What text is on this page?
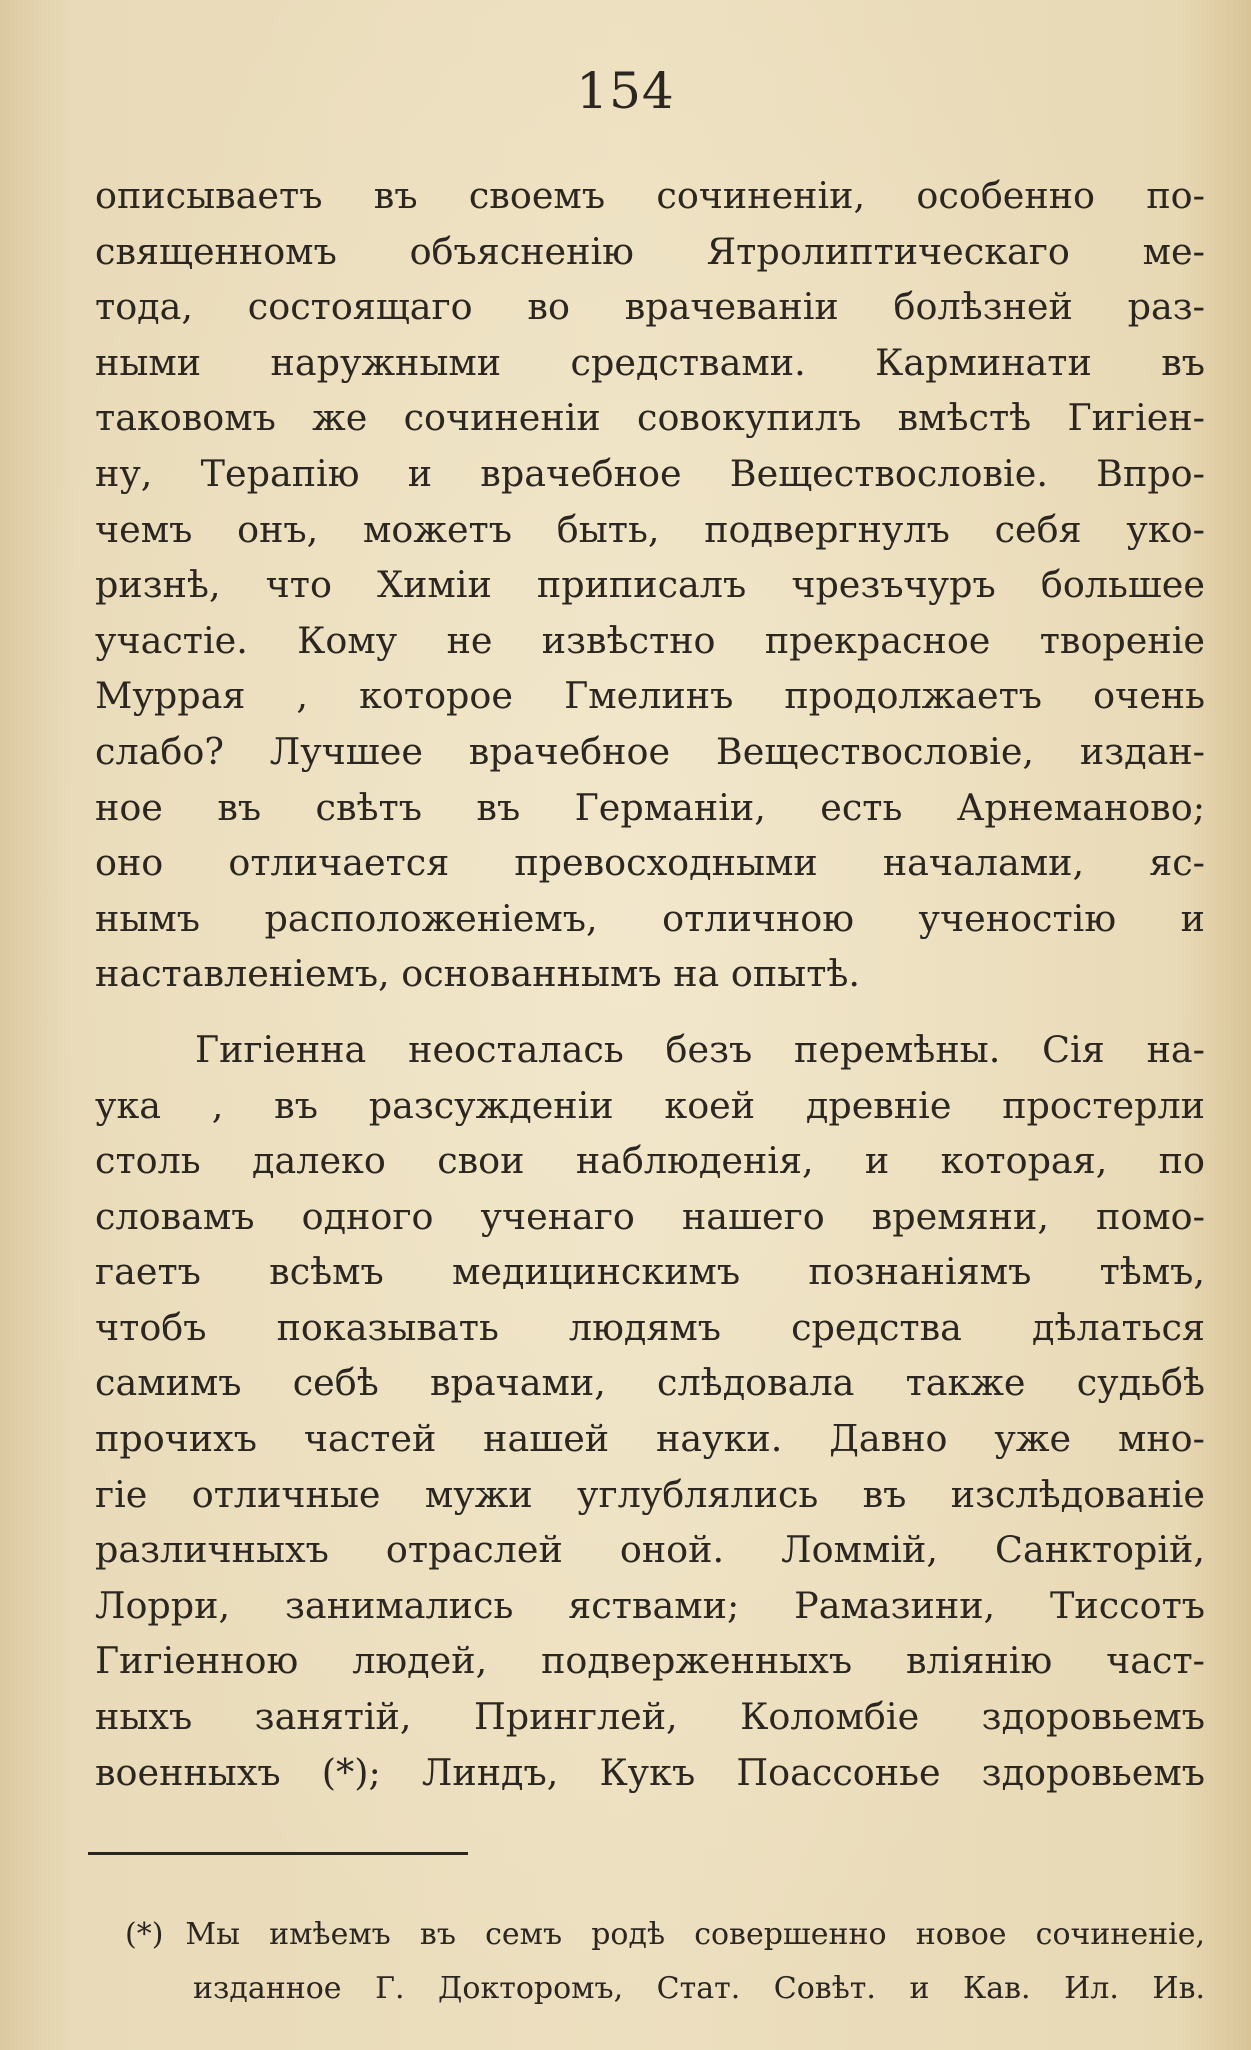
154
описываетъ въ своемъ сочиненіи, особенно по-
священномъ объясненію Ятролиптическаго ме-
тода, состоящаго во врачеваніи болѣзней раз-
ными наружными средствами. Карминати въ
таковомъ же сочиненіи совокупилъ вмѣстѣ Гигіен-
ну, Терапію и врачебное Веществословіе. Впро-
чемъ онъ, можетъ быть, подвергнулъ себя уко-
ризнѣ, что Химіи приписалъ чрезъчуръ большее
участіе. Кому не извѣстно прекрасное твореніе
Муррая , которое Гмелинъ продолжаетъ очень
слабо? Лучшее врачебное Веществословіе, издан-
ное въ свѣтъ въ Германіи, есть Арнемановo;
оно отличается превосходными началами, яс-
нымъ расположеніемъ, отличною ученостію и
наставленіемъ, основаннымъ на опытѣ.
Гигіенна неосталась безъ перемѣны. Сія на-
ука , въ разсужденіи коей древніе простерли
столь далеко свои наблюденія, и которая, по
словамъ одного ученаго нашего времяни, помо-
гаетъ всѣмъ медицинскимъ познаніямъ тѣмъ,
чтобъ показывать людямъ средства дѣлаться
самимъ себѣ врачами, слѣдовала также судьбѣ
прочихъ частей нашей науки. Давно уже мно-
гіе отличные мужи углублялись въ изслѣдованіе
различныхъ отраслей оной. Ломмій, Санкторій,
Лорри, занимались яствами; Рамазини, Тиссотъ
Гигіенною людей, подверженныхъ вліянію част-
ныхъ занятій, Принглей, Коломбіе здоровьемъ
военныхъ (*); Линдъ, Кукъ Поассонье здоровьемъ
(*) Мы имѣемъ въ семъ родѣ совершенно новое сочиненіе,
изданное Г. Докторомъ, Стат. Совѣт. и Кав. Ил. Ив.
